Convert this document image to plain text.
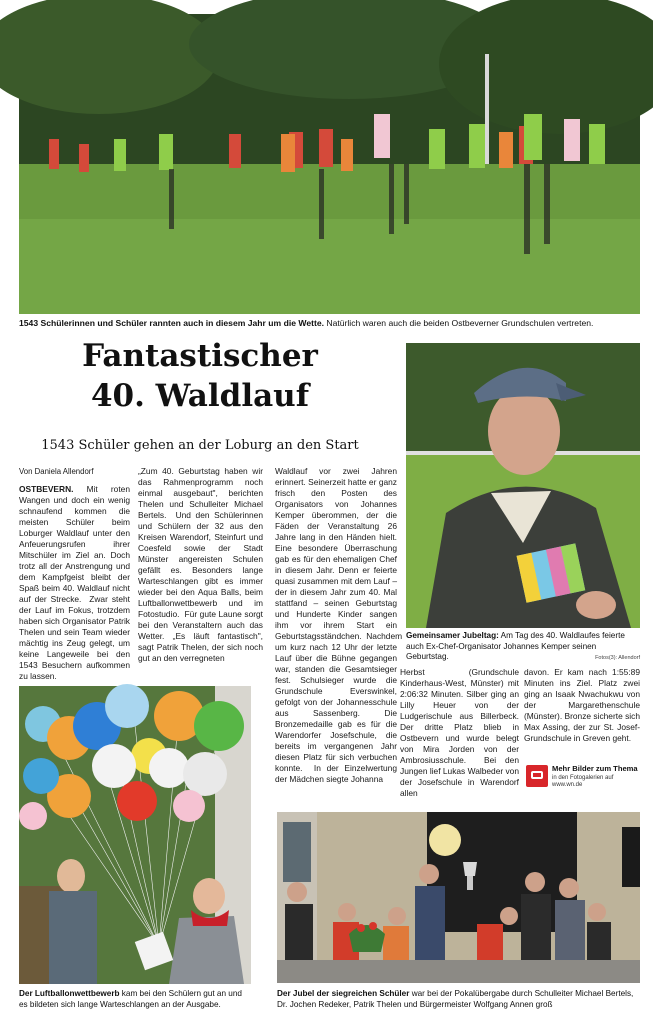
1543 Schülerinnen und Schüler rannten auch in diesem Jahr um die Wette. Natürlich waren auch die beiden Ostbeverner Grundschulen vertreten.
Fantastischer
40. Waldlauf
1543 Schüler gehen an der Loburg an den Start
Gemeinsamer Jubeltag: Am Tag des 40. Waldlaufes feierte auch Ex-Chef-Organisator Johannes Kemper seinen Geburtstag.	Fotos(3): Allendorf
Von Daniela Allendorf
OSTBEVERN. Mit roten Wangen und doch ein wenig schnaufend kommen die meisten Schüler beim Loburger Waldlauf unter den Anfeuerungsrufen ihrer Mitschüler im Ziel an. Doch trotz all der Anstrengung und dem Kampfgeist bleibt der Spaß beim 40. Waldlauf nicht auf der Strecke.  Zwar steht der Lauf im Fokus, trotzdem haben sich Organisator Patrik Thelen und sein Team wieder mächtig ins Zeug gelegt, um keine Langeweile bei den 1543 Besuchern aufkommen zu lassen.
„Zum 40. Geburtstag haben wir das Rahmenprogramm noch einmal ausgebaut", berichten Thelen und Schulleiter Michael Bertels.  Und den Schülerinnen und Schülern der 32 aus den Kreisen Warendorf, Steinfurt und Coesfeld sowie der Stadt Münster angereisten Schulen gefällt es. Besonders lange Warteschlangen gibt es immer wieder bei den Aqua Balls, beim Luftballonwettbewerb und im Fotostudio.  Für gute Laune sorgt bei den Veranstaltern auch das Wetter. „Es läuft fantastisch", sagt Patrik Thelen, der sich noch gut an den verregneten
Waldlauf vor zwei Jahren erinnert. Seinerzeit hatte er ganz frisch den Posten des Organisators von Johannes Kemper überommen, der die Fäden der Veranstaltung 26 Jahre lang in den Händen hielt. Eine besondere Überraschung gab es für den ehemaligen Chef in diesem Jahr. Denn er feierte quasi zusammen mit dem Lauf – der in diesem Jahr zum 40. Mal stattfand – seinen Geburtstag und Hunderte Kinder sangen ihm vor ihrem Start ein Geburtstagsständchen.  Nachdem um kurz nach 12 Uhr der letzte Lauf über die Bühne gegangen war, standen die Gesamtsieger fest. Schulsieger wurde die Grundschule Everswinkel, gefolgt von der Johannesschule aus Sassenberg. Die Bronzemedaille gab es für die Warendorfer Josefschule, die bereits im vergangenen Jahr diesen Platz für sich verbuchen konnte.  In der Einzelwertung der Mädchen siegte Johanna
Der Luftballonwettbewerb kam bei den Schülern gut an und es bildeten sich lange Warteschlangen an der Ausgabe.
Herbst (Grundschule Kinderhaus-West, Münster) mit 2:06:32 Minuten. Silber ging an Lilly Heuer von der Ludgerischule aus Billerbeck. Der dritte Platz blieb in Ostbevern und wurde belegt von Mira Jorden von der Ambrosiusschule.  Bei den Jungen lief Lukas Walbeder von der Josefschule in Warendorf allen
davon. Er kam nach 1:55:89 Minuten ins Ziel. Platz zwei ging an Isaak Nwachukwu von der Margarethenschule (Münster). Bronze sicherte sich Max Assing, der zur St. Josef-Grundschule in Greven geht.
Mehr Bilder zum Thema
in den Fotogalerien auf
www.wn.de
Der Jubel der siegreichen Schüler war bei der Pokalübergabe durch Schulleiter Michael Bertels, Dr. Jochen Redeker, Patrik Thelen und Bürgermeister Wolfgang Annen groß
